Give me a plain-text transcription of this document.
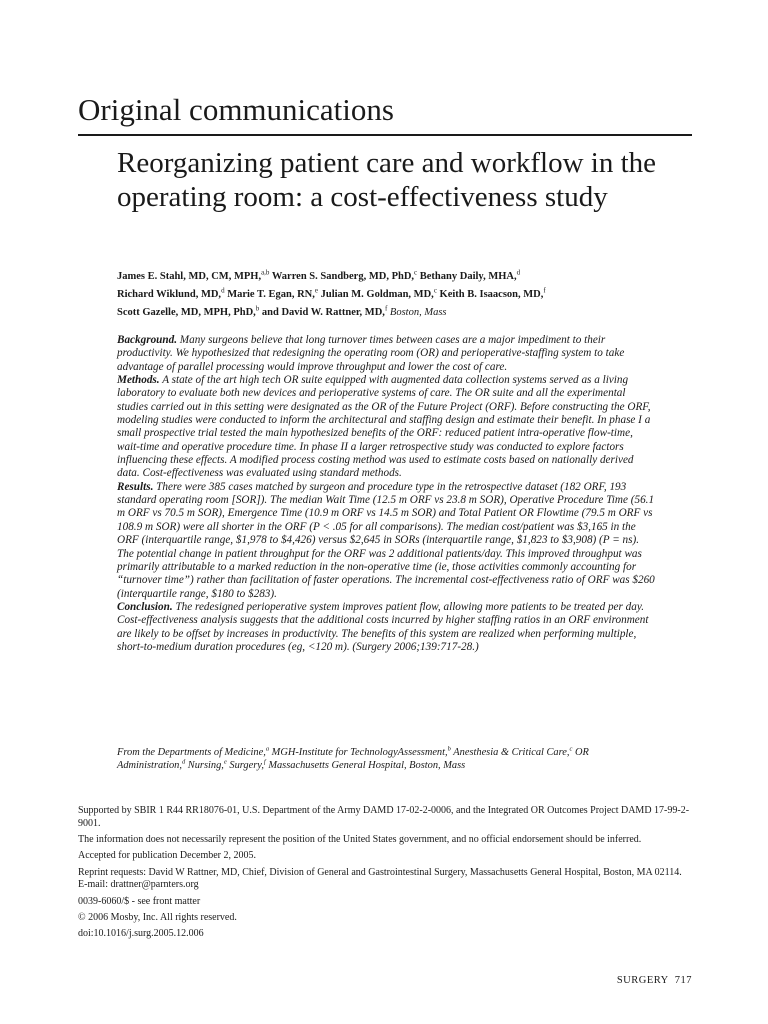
Original communications
Reorganizing patient care and workflow in the operating room: a cost-effectiveness study
James E. Stahl, MD, CM, MPH,$^{a,b}$ Warren S. Sandberg, MD, PhD,$^c$ Bethany Daily, MHA,$^d$
Richard Wiklund, MD,$^d$ Marie T. Egan, RN,$^e$ Julian M. Goldman, MD,$^c$ Keith B. Isaacson, MD,$^f$
Scott Gazelle, MD, MPH, PhD,$^b$ and David W. Rattner, MD,$^f$ Boston, Mass

Background. Many surgeons believe that long turnover times between cases are a major impediment to their productivity. We hypothesized that redesigning the operating room (OR) and perioperative-staffing system to take advantage of parallel processing would improve throughput and lower the cost of care.

Methods. A state of the art high tech OR suite equipped with augmented data collection systems served as a living laboratory to evaluate both new devices and perioperative systems of care. The OR suite and all the experimental studies carried out in this setting were designated as the OR of the Future Project (ORF). Before constructing the ORF, modeling studies were conducted to inform the architectural and staffing design and estimate their benefit. In phase I a small prospective trial tested the main hypothesized benefits of the ORF: reduced patient intra-operative flow-time, wait-time and operative procedure time. In phase II a larger retrospective study was conducted to explore factors influencing these effects. A modified process costing method was used to estimate costs based on nationally derived data. Cost-effectiveness was evaluated using standard methods.

Results. There were 385 cases matched by surgeon and procedure type in the retrospective dataset (182 ORF, 193 standard operating room [SOR]). The median Wait Time (12.5 m ORF vs 23.8 m SOR), Operative Procedure Time (56.1 m ORF vs 70.5 m SOR), Emergence Time (10.9 m ORF vs 14.5 m SOR) and Total Patient OR Flowtime (79.5 m ORF vs 108.9 m SOR) were all shorter in the ORF (P < .05 for all comparisons). The median cost/patient was $3,165 in the ORF (interquartile range, $1,978 to $4,426) versus $2,645 in SORs (interquartile range, $1,823 to $3,908) (P = ns). The potential change in patient throughput for the ORF was 2 additional patients/day. This improved throughput was primarily attributable to a marked reduction in the non-operative time (ie, those activities commonly accounting for “turnover time”) rather than facilitation of faster operations. The incremental cost-effectiveness ratio of ORF was $260 (interquartile range, $180 to $283).

Conclusion. The redesigned perioperative system improves patient flow, allowing more patients to be treated per day. Cost-effectiveness analysis suggests that the additional costs incurred by higher staffing ratios in an ORF environment are likely to be offset by increases in productivity. The benefits of this system are realized when performing multiple, short-to-medium duration procedures (eg, <120 m). (Surgery 2006;139:717-28.)

From the Departments of Medicine,$^a$ MGH-Institute for TechnologyAssessment,$^b$ Anesthesia & Critical Care,$^c$ OR Administration,$^d$ Nursing,$^e$ Surgery,$^f$ Massachusetts General Hospital, Boston, Mass

Supported by SBIR 1 R44 RR18076-01, U.S. Department of the Army DAMD 17-02-2-0006, and the Integrated OR Outcomes Project DAMD 17-99-2-9001.

The information does not necessarily represent the position of the United States government, and no official endorsement should be inferred.

Accepted for publication December 2, 2005.

Reprint requests: David W Rattner, MD, Chief, Division of General and Gastrointestinal Surgery, Massachusetts General Hospital, Boston, MA 02114. E-mail: drattner@parnters.org

0039-6060/$ - see front matter

© 2006 Mosby, Inc. All rights reserved.

doi:10.1016/j.surg.2005.12.006

SURGERY 717
